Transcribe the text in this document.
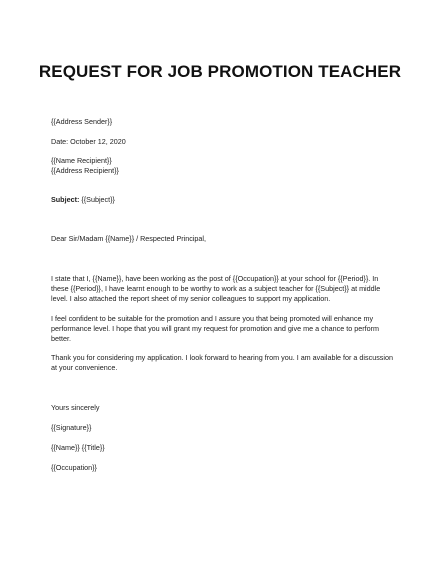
REQUEST FOR JOB PROMOTION TEACHER
{{Address Sender}}
Date: October 12, 2020
{{Name Recipient}}
{{Address Recipient}}
Subject: {{Subject}}
Dear Sir/Madam {{Name}} / Respected Principal,
I state that I, {{Name}}, have been working as the post of {{Occupation}} at your school for {{Period}}. In these {{Period}}, I have learnt enough to be worthy to work as a subject teacher for {{Subject}} at middle level. I also attached the report sheet of my senior colleagues to support my application.
I feel confident to be suitable for the promotion and I assure you that being promoted will enhance my performance level. I hope that you will grant my request for promotion and give me a chance to perform better.
Thank you for considering my application. I look forward to hearing from you. I am available for a discussion at your convenience.
Yours sincerely
{{Signature}}
{{Name}} {{Title}}
{{Occupation}}
